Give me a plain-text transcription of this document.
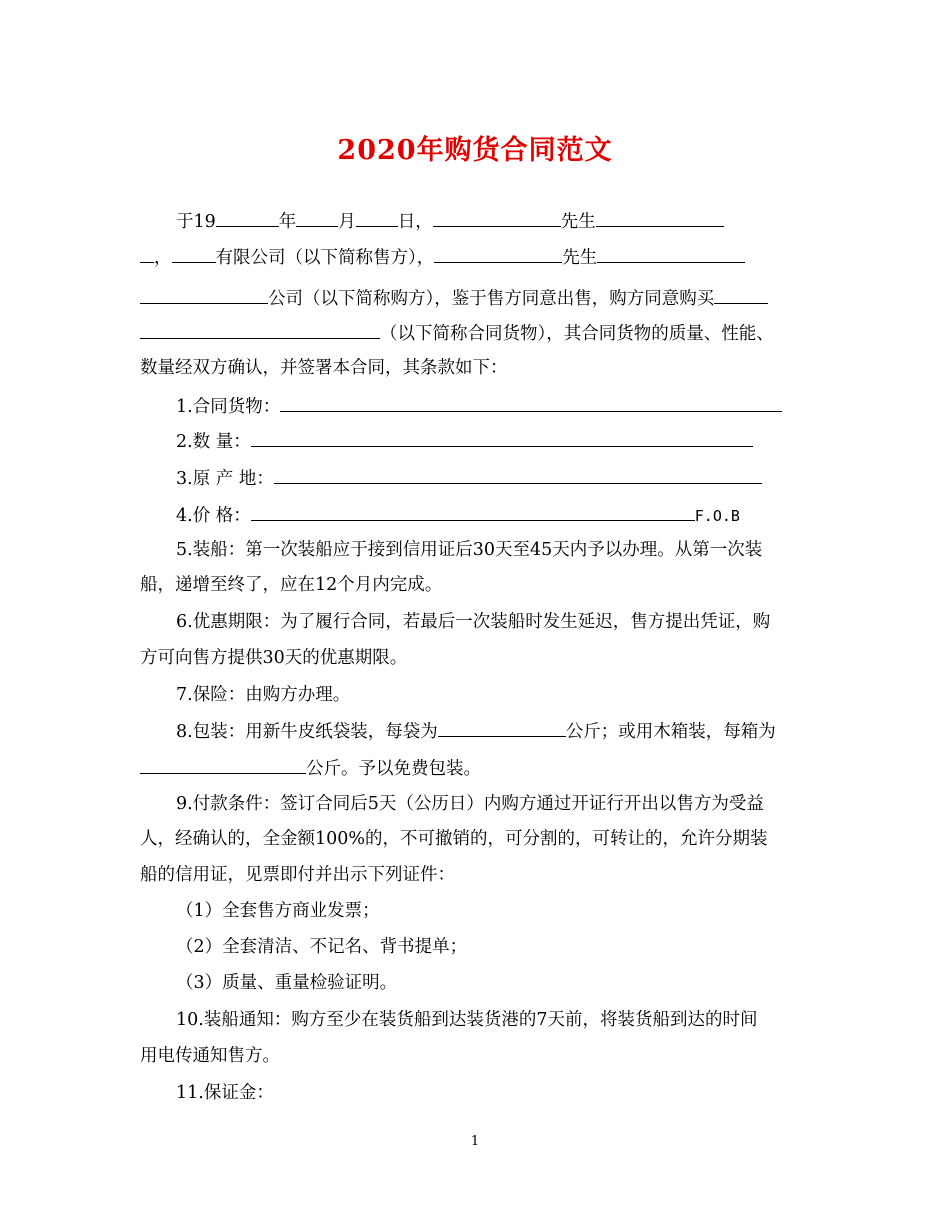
2020年购货合同范文
于19	年 月 日，	先生
，	有限公司（以下简称售方），	先生
公司（以下简称购方），鉴于售方同意出售，购方同意购买
（以下简称合同货物），其合同货物的质量、性能、
数量经双方确认，并签署本合同，其条款如下：
1.合同货物：
2.数 量：
3.原 产 地：
4.价 格：	F.O.B
5.装船：第一次装船应于接到信用证后30天至45天内予以办理。从第一次装
船，递增至终了，应在12个月内完成。
6.优惠期限：为了履行合同，若最后一次装船时发生延迟，售方提出凭证，购
方可向售方提供30天的优惠期限。
7.保险：由购方办理。
8.包装：用新牛皮纸袋装，每袋为	公斤；或用木箱装，每箱为
公斤。予以免费包装。
9.付款条件：签订合同后5天（公历日）内购方通过开证行开出以售方为受益
人，经确认的，全金额100%的，不可撤销的，可分割的，可转让的，允许分期装
船的信用证，见票即付并出示下列证件：
（1）全套售方商业发票；
（2）全套清洁、不记名、背书提单；
（3）质量、重量检验证明。
10.装船通知：购方至少在装货船到达装货港的7天前，将装货船到达的时间
用电传通知售方。
11.保证金：
1
